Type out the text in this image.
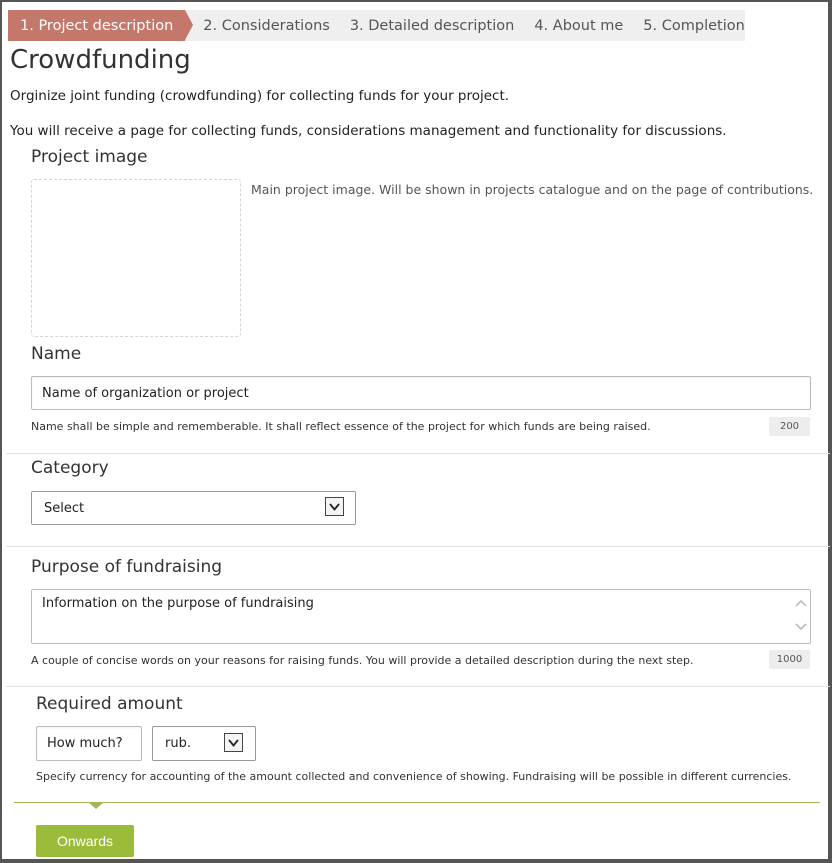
1. Project description 2. Considerations 3. Detailed description 4. About me 5. Completion
Crowdfunding

Orginize joint funding (crowdfunding) for collecting funds for your project.

You will receive a page for collecting funds, considerations management and functionality for discussions.

Project image
Main project image. Will be shown in projects catalogue and on the page of contributions.
Name
Name of organization or project
Name shall be simple and rememberable. It shall reflect essence of the project for which funds are being raised.	200
Category
Select
Purpose of fundraising
Information on the purpose of fundraising
A couple of concise words on your reasons for raising funds. You will provide a detailed description during the next step.	1000
Required amount
How much?	rub.
Specify currency for accounting of the amount collected and convenience of showing. Fundraising will be possible in different currencies.
Onwards
